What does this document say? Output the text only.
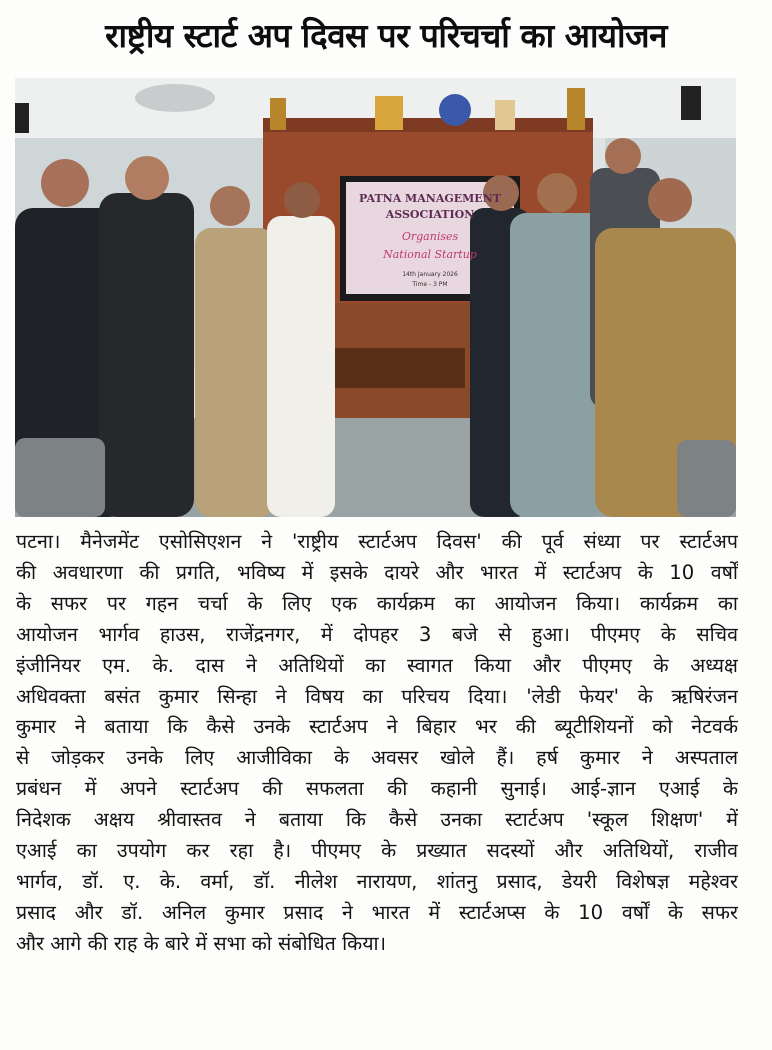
राष्ट्रीय स्टार्ट अप दिवस पर परिचर्चा का आयोजन
PATNA MANAGEMENT
ASSOCIATION
Organises
National Startup
14th January 2026
Time - 3 PM
पटना। मैनेजमेंट एसोसिएशन ने 'राष्ट्रीय स्टार्टअप दिवस' की पूर्व संध्या पर स्टार्टअप
की अवधारणा की प्रगति, भविष्य में इसके दायरे और भारत में स्टार्टअप के 10 वर्षों
के सफर पर गहन चर्चा के लिए एक कार्यक्रम का आयोजन किया। कार्यक्रम का
आयोजन भार्गव हाउस, राजेंद्रनगर, में दोपहर 3 बजे से हुआ। पीएमए के सचिव
इंजीनियर एम. के. दास ने अतिथियों का स्वागत किया और पीएमए के अध्यक्ष
अधिवक्ता बसंत कुमार सिन्हा ने विषय का परिचय दिया। 'लेडी फेयर' के ऋषिरंजन
कुमार ने बताया कि कैसे उनके स्टार्टअप ने बिहार भर की ब्यूटीशियनों को नेटवर्क
से जोड़कर उनके लिए आजीविका के अवसर खोले हैं। हर्ष कुमार ने अस्पताल
प्रबंधन में अपने स्टार्टअप की सफलता की कहानी सुनाई। आई-ज्ञान एआई के
निदेशक अक्षय श्रीवास्तव ने बताया कि कैसे उनका स्टार्टअप 'स्कूल शिक्षण' में
एआई का उपयोग कर रहा है। पीएमए के प्रख्यात सदस्यों और अतिथियों, राजीव
भार्गव, डॉ. ए. के. वर्मा, डॉ. नीलेश नारायण, शांतनु प्रसाद, डेयरी विशेषज्ञ महेश्वर
प्रसाद और डॉ. अनिल कुमार प्रसाद ने भारत में स्टार्टअप्स के 10 वर्षों के सफर
और आगे की राह के बारे में सभा को संबोधित किया।
